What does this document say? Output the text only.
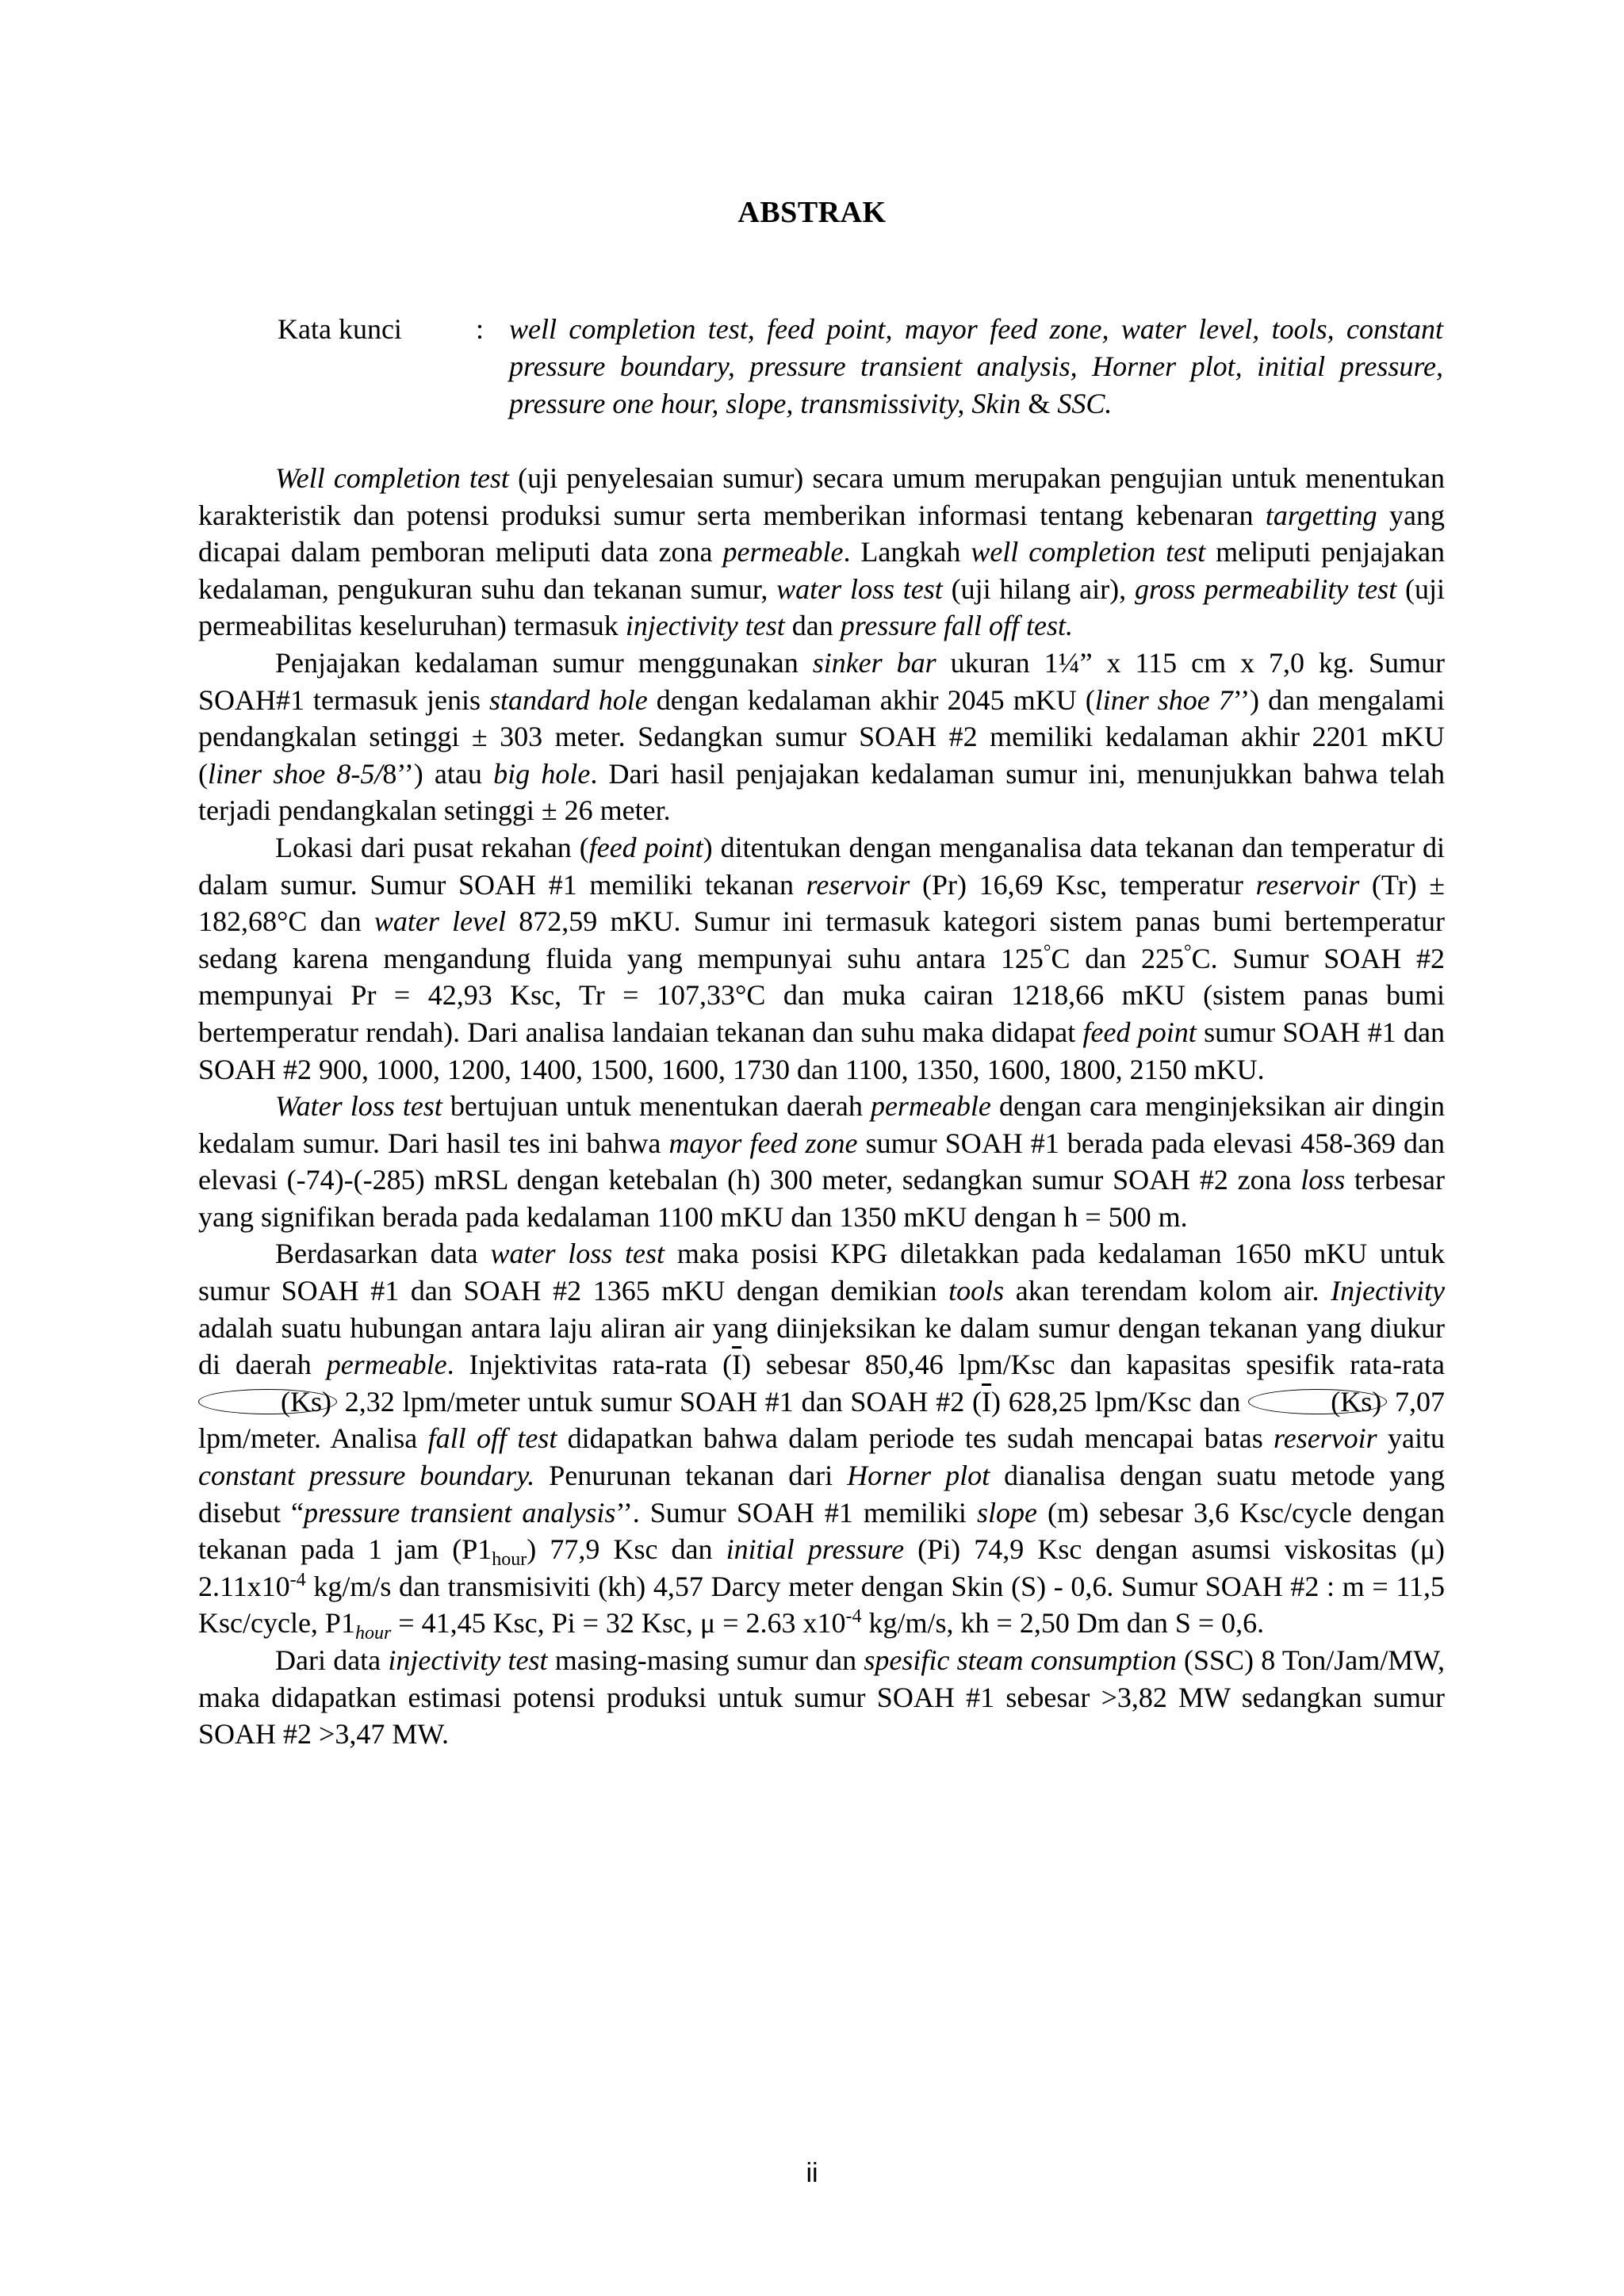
ABSTRAK
Kata kunci	: well completion test, feed point, mayor feed zone, water level, tools, constant pressure boundary, pressure transient analysis, Horner plot, initial pressure, pressure one hour, slope, transmissivity, Skin & SSC.

Well completion test (uji penyelesaian sumur) secara umum merupakan pengujian untuk menentukan karakteristik dan potensi produksi sumur serta memberikan informasi tentang kebenaran targetting yang dicapai dalam pemboran meliputi data zona permeable. Langkah well completion test meliputi penjajakan kedalaman, pengukuran suhu dan tekanan sumur, water loss test (uji hilang air), gross permeability test (uji permeabilitas keseluruhan) termasuk injectivity test dan pressure fall off test.

Penjajakan kedalaman sumur menggunakan sinker bar ukuran 1¼” x 115 cm x 7,0 kg. Sumur SOAH#1 termasuk jenis standard hole dengan kedalaman akhir 2045 mKU (liner shoe 7’’) dan mengalami pendangkalan setinggi ± 303 meter. Sedangkan sumur SOAH #2 memiliki kedalaman akhir 2201 mKU (liner shoe 8-5/8’’) atau big hole. Dari hasil penjajakan kedalaman sumur ini, menunjukkan bahwa telah terjadi pendangkalan setinggi ± 26 meter.

Lokasi dari pusat rekahan (feed point) ditentukan dengan menganalisa data tekanan dan temperatur di dalam sumur. Sumur SOAH #1 memiliki tekanan reservoir (Pr) 16,69 Ksc, temperatur reservoir (Tr) ± 182,68°C dan water level 872,59 mKU. Sumur ini termasuk kategori sistem panas bumi bertemperatur sedang karena mengandung fluida yang mempunyai suhu antara 125°C dan 225°C. Sumur SOAH #2 mempunyai Pr = 42,93 Ksc, Tr = 107,33°C dan muka cairan 1218,66 mKU (sistem panas bumi bertemperatur rendah). Dari analisa landaian tekanan dan suhu maka didapat feed point sumur SOAH #1 dan SOAH #2 900, 1000, 1200, 1400, 1500, 1600, 1730 dan 1100, 1350, 1600, 1800, 2150 mKU.

Water loss test bertujuan untuk menentukan daerah permeable dengan cara menginjeksikan air dingin kedalam sumur. Dari hasil tes ini bahwa mayor feed zone sumur SOAH #1 berada pada elevasi 458-369 dan elevasi (-74)-(-285) mRSL dengan ketebalan (h) 300 meter, sedangkan sumur SOAH #2 zona loss terbesar yang signifikan berada pada kedalaman 1100 mKU dan 1350 mKU dengan h = 500 m.

Berdasarkan data water loss test maka posisi KPG diletakkan pada kedalaman 1650 mKU untuk sumur SOAH #1 dan SOAH #2 1365 mKU dengan demikian tools akan terendam kolom air. Injectivity adalah suatu hubungan antara laju aliran air yang diinjeksikan ke dalam sumur dengan tekanan yang diukur di daerah permeable. Injektivitas rata-rata $(\overline{I})$ sebesar 850,46 lpm/Ksc dan kapasitas spesifik rata-rata (Ks) 2,32 lpm/meter untuk sumur SOAH #1 dan SOAH #2 $(\overline{I})$ 628,25 lpm/Ksc dan	(Ks) 7,07 lpm/meter. Analisa fall off test didapatkan bahwa dalam periode tes sudah mencapai batas reservoir yaitu constant pressure boundary. Penurunan tekanan dari Horner plot dianalisa dengan suatu metode yang disebut “pressure transient analysis’’. Sumur SOAH #1 memiliki slope (m) sebesar 3,6 Ksc/cycle dengan tekanan pada 1 jam $(P1_{hour})$ 77,9 Ksc dan initial pressure (Pi) 74,9 Ksc dengan asumsi viskositas (μ) $2.11x10^{-4}$ kg/m/s dan transmisiviti (kh) 4,57 Darcy meter dengan Skin (S) - 0,6. Sumur SOAH #2 : m = 11,5 Ksc/cycle, $P1_{hour} = 41,45$ Ksc, Pi = 32 Ksc, μ = 2.63 $x10^{-4}$ kg/m/s, kh = 2,50 Dm dan S = 0,6.

Dari data injectivity test masing-masing sumur dan spesific steam consumption (SSC) 8 Ton/Jam/MW, maka didapatkan estimasi potensi produksi untuk sumur SOAH #1 sebesar >3,82 MW sedangkan sumur SOAH #2 >3,47 MW.

ii
